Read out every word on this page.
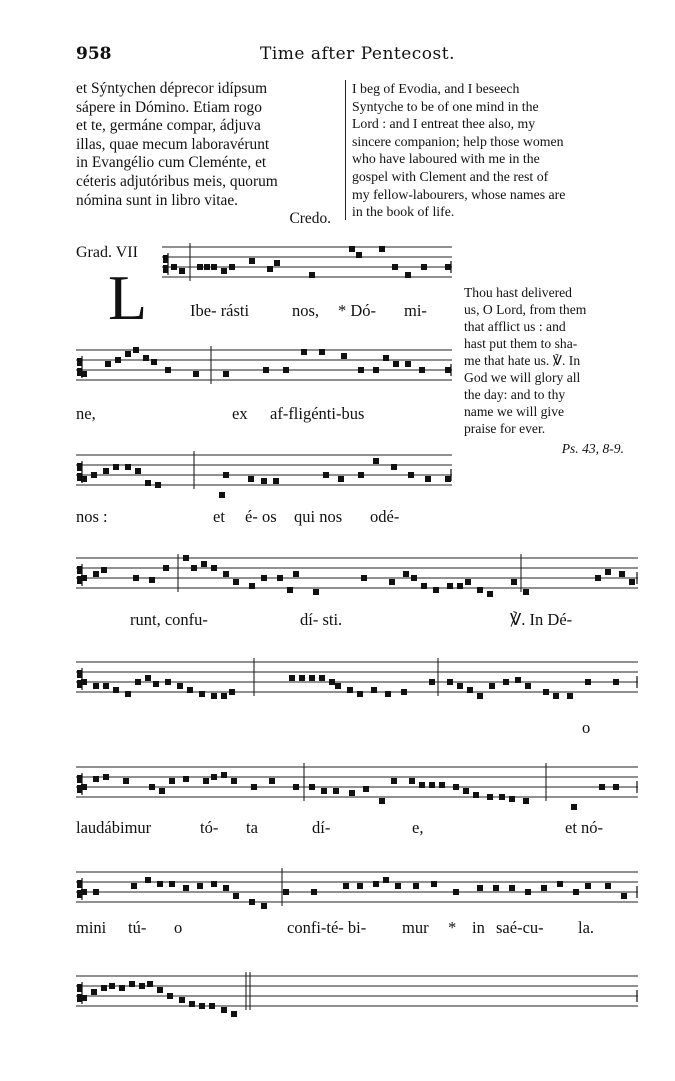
958	Time after Pentecost.
et Sýntychen déprecor idípsum
sápere in Dómino. Etiam rogo
et te, germáne compar, ádjuva
illas, quae mecum laboravérunt
in Evangélio cum Cleménte, et
céteris adjutóribus meis, quorum
nómina sunt in libro vitae.
Credo.
I beg of Evodia, and I beseech
Syntyche to be of one mind in the
Lord : and I entreat thee also, my
sincere companion; help those women
who have laboured with me in the
gospel with Clement and the rest of
my fellow-labourers, whose names are
in the book of life.
Grad. VII
L	Thou hast delivered
us, O Lord, from them
that afflict us : and
hast put them to sha-
me that hate us. ℣. In
God we will glory all
the day: and to thy
name we will give
praise for ever.
Ps. 43, 8-9.
Ibe- rásti	nos, * Dó- mi-
ne,	ex af-fligénti-bus
nos :	et é- os qui nos odé-
runt, confu-	dí- sti.	℣. In Dé-
o
laudábimur	tó- ta	dí-	e,	et nó-
mini tú- o	confi-té- bi- mur * in saé-cu- la.
